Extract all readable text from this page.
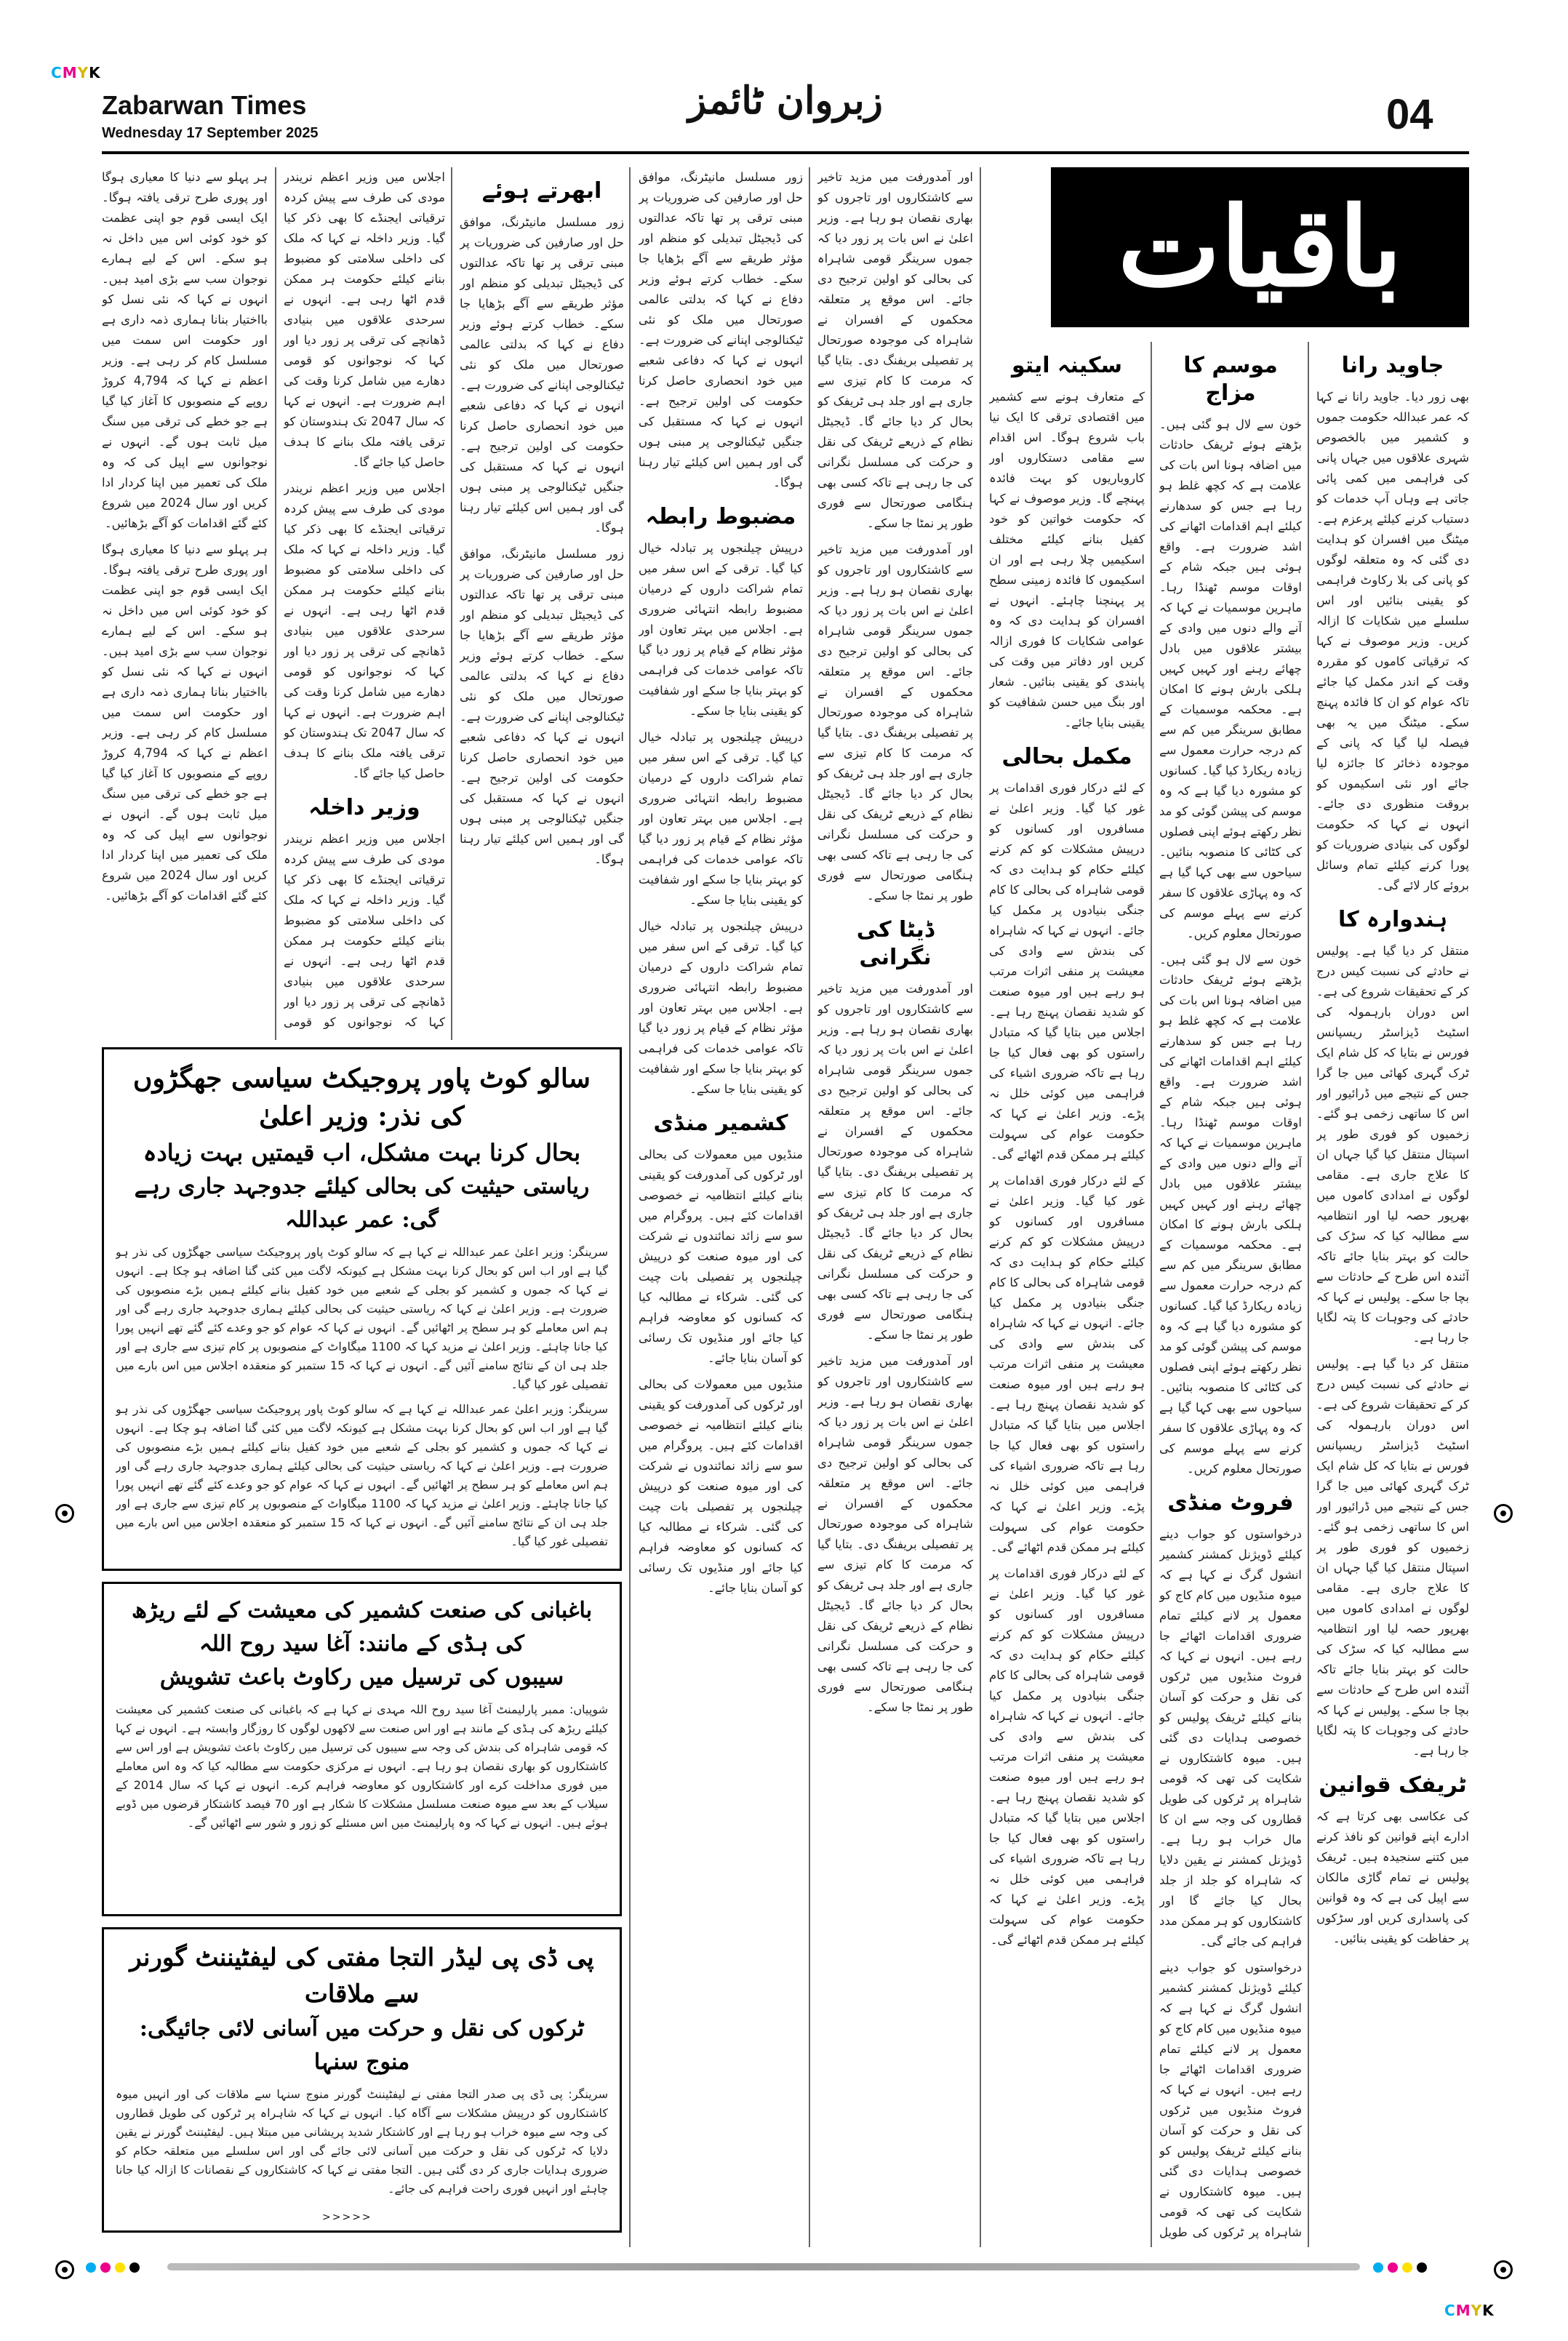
CMYK
CMYK
Zabarwan Times
Wednesday 17 September 2025
زبروان ٹائمز	04
باقیات
جاوید رانا

بھی زور دیا۔ جاوید رانا نے کہا کہ عمر عبداللہ حکومت جموں و کشمیر میں بالخصوص شہری علاقوں میں جہاں پانی کی فراہمی میں کمی پائی جاتی ہے وہاں آپ خدمات کو دستیاب کرنے کیلئے پرعزم ہے۔ میٹنگ میں افسران کو ہدایت دی گئی کہ وہ متعلقہ لوگوں کو پانی کی بلا رکاوٹ فراہمی کو یقینی بنائیں اور اس سلسلے میں شکایات کا ازالہ کریں۔ وزیر موصوف نے کہا کہ ترقیاتی کاموں کو مقررہ وقت کے اندر مکمل کیا جائے تاکہ عوام کو ان کا فائدہ پہنچ سکے۔ میٹنگ میں یہ بھی فیصلہ لیا گیا کہ پانی کے موجودہ ذخائر کا جائزہ لیا جائے اور نئی اسکیموں کو بروقت منظوری دی جائے۔ انہوں نے کہا کہ حکومت لوگوں کی بنیادی ضروریات کو پورا کرنے کیلئے تمام وسائل بروئے کار لائے گی۔

ہندوارہ کا

منتقل کر دیا گیا ہے۔ پولیس نے حادثے کی نسبت کیس درج کر کے تحقیقات شروع کی ہے۔ اس دوران بارہمولہ کی اسٹیٹ ڈیزاسٹر ریسپانس فورس نے بتایا کہ کل شام ایک ٹرک گہری کھائی میں جا گرا جس کے نتیجے میں ڈرائیور اور اس کا ساتھی زخمی ہو گئے۔ زخمیوں کو فوری طور پر اسپتال منتقل کیا گیا جہاں ان کا علاج جاری ہے۔ مقامی لوگوں نے امدادی کاموں میں بھرپور حصہ لیا اور انتظامیہ سے مطالبہ کیا کہ سڑک کی حالت کو بہتر بنایا جائے تاکہ آئندہ اس طرح کے حادثات سے بچا جا سکے۔ پولیس نے کہا کہ حادثے کی وجوہات کا پتہ لگایا جا رہا ہے۔

منتقل کر دیا گیا ہے۔ پولیس نے حادثے کی نسبت کیس درج کر کے تحقیقات شروع کی ہے۔ اس دوران بارہمولہ کی اسٹیٹ ڈیزاسٹر ریسپانس فورس نے بتایا کہ کل شام ایک ٹرک گہری کھائی میں جا گرا جس کے نتیجے میں ڈرائیور اور اس کا ساتھی زخمی ہو گئے۔ زخمیوں کو فوری طور پر اسپتال منتقل کیا گیا جہاں ان کا علاج جاری ہے۔ مقامی لوگوں نے امدادی کاموں میں بھرپور حصہ لیا اور انتظامیہ سے مطالبہ کیا کہ سڑک کی حالت کو بہتر بنایا جائے تاکہ آئندہ اس طرح کے حادثات سے بچا جا سکے۔ پولیس نے کہا کہ حادثے کی وجوہات کا پتہ لگایا جا رہا ہے۔

ٹریفک قوانین

کی عکاسی بھی کرتا ہے کہ ادارے اپنے قوانین کو نافذ کرنے میں کتنے سنجیدہ ہیں۔ ٹریفک پولیس نے تمام گاڑی مالکان سے اپیل کی ہے کہ وہ قوانین کی پاسداری کریں اور سڑکوں پر حفاظت کو یقینی بنائیں۔

موسم کا مزاج

خون سے لال ہو گئی ہیں۔ بڑھتے ہوئے ٹریفک حادثات میں اضافہ ہونا اس بات کی علامت ہے کہ کچھ غلط ہو رہا ہے جس کو سدھارنے کیلئے اہم اقدامات اٹھانے کی اشد ضرورت ہے۔ واقع ہوئی ہیں جبکہ شام کے اوقات موسم ٹھنڈا رہا۔ ماہرین موسمیات نے کہا کہ آنے والے دنوں میں وادی کے بیشتر علاقوں میں بادل چھائے رہنے اور کہیں کہیں ہلکی بارش ہونے کا امکان ہے۔ محکمہ موسمیات کے مطابق سرینگر میں کم سے کم درجہ حرارت معمول سے زیادہ ریکارڈ کیا گیا۔ کسانوں کو مشورہ دیا گیا ہے کہ وہ موسم کی پیشن گوئی کو مد نظر رکھتے ہوئے اپنی فصلوں کی کٹائی کا منصوبہ بنائیں۔ سیاحوں سے بھی کہا گیا ہے کہ وہ پہاڑی علاقوں کا سفر کرنے سے پہلے موسم کی صورتحال معلوم کریں۔

خون سے لال ہو گئی ہیں۔ بڑھتے ہوئے ٹریفک حادثات میں اضافہ ہونا اس بات کی علامت ہے کہ کچھ غلط ہو رہا ہے جس کو سدھارنے کیلئے اہم اقدامات اٹھانے کی اشد ضرورت ہے۔ واقع ہوئی ہیں جبکہ شام کے اوقات موسم ٹھنڈا رہا۔ ماہرین موسمیات نے کہا کہ آنے والے دنوں میں وادی کے بیشتر علاقوں میں بادل چھائے رہنے اور کہیں کہیں ہلکی بارش ہونے کا امکان ہے۔ محکمہ موسمیات کے مطابق سرینگر میں کم سے کم درجہ حرارت معمول سے زیادہ ریکارڈ کیا گیا۔ کسانوں کو مشورہ دیا گیا ہے کہ وہ موسم کی پیشن گوئی کو مد نظر رکھتے ہوئے اپنی فصلوں کی کٹائی کا منصوبہ بنائیں۔ سیاحوں سے بھی کہا گیا ہے کہ وہ پہاڑی علاقوں کا سفر کرنے سے پہلے موسم کی صورتحال معلوم کریں۔

فروٹ منڈی

درخواستوں کو جواب دینے کیلئے ڈویژنل کمشنر کشمیر انشول گرگ نے کہا ہے کہ میوہ منڈیوں میں کام کاج کو معمول پر لانے کیلئے تمام ضروری اقدامات اٹھائے جا رہے ہیں۔ انہوں نے کہا کہ فروٹ منڈیوں میں ٹرکوں کی نقل و حرکت کو آسان بنانے کیلئے ٹریفک پولیس کو خصوصی ہدایات دی گئی ہیں۔ میوہ کاشتکاروں نے شکایت کی تھی کہ قومی شاہراہ پر ٹرکوں کی طویل قطاروں کی وجہ سے ان کا مال خراب ہو رہا ہے۔ ڈویژنل کمشنر نے یقین دلایا کہ شاہراہ کو جلد از جلد بحال کیا جائے گا اور کاشتکاروں کو ہر ممکن مدد فراہم کی جائے گی۔

درخواستوں کو جواب دینے کیلئے ڈویژنل کمشنر کشمیر انشول گرگ نے کہا ہے کہ میوہ منڈیوں میں کام کاج کو معمول پر لانے کیلئے تمام ضروری اقدامات اٹھائے جا رہے ہیں۔ انہوں نے کہا کہ فروٹ منڈیوں میں ٹرکوں کی نقل و حرکت کو آسان بنانے کیلئے ٹریفک پولیس کو خصوصی ہدایات دی گئی ہیں۔ میوہ کاشتکاروں نے شکایت کی تھی کہ قومی شاہراہ پر ٹرکوں کی طویل

سکینہ ایتو

کے متعارف ہونے سے کشمیر میں اقتصادی ترقی کا ایک نیا باب شروع ہوگا۔ اس اقدام سے مقامی دستکاروں اور کاروباریوں کو بہت فائدہ پہنچے گا۔ وزیر موصوف نے کہا کہ حکومت خواتین کو خود کفیل بنانے کیلئے مختلف اسکیمیں چلا رہی ہے اور ان اسکیموں کا فائدہ زمینی سطح پر پہنچنا چاہئے۔ انہوں نے افسران کو ہدایت دی کہ وہ عوامی شکایات کا فوری ازالہ کریں اور دفاتر میں وقت کی پابندی کو یقینی بنائیں۔ شعار اور بنگ میں حسن شفافیت کو یقینی بنایا جائے۔

مکمل بحالی

کے لئے درکار فوری اقدامات پر غور کیا گیا۔ وزیر اعلیٰ نے مسافروں اور کسانوں کو درپیش مشکلات کو کم کرنے کیلئے حکام کو ہدایت دی کہ قومی شاہراہ کی بحالی کا کام جنگی بنیادوں پر مکمل کیا جائے۔ انہوں نے کہا کہ شاہراہ کی بندش سے وادی کی معیشت پر منفی اثرات مرتب ہو رہے ہیں اور میوہ صنعت کو شدید نقصان پہنچ رہا ہے۔ اجلاس میں بتایا گیا کہ متبادل راستوں کو بھی فعال کیا جا رہا ہے تاکہ ضروری اشیاء کی فراہمی میں کوئی خلل نہ پڑے۔ وزیر اعلیٰ نے کہا کہ حکومت عوام کی سہولت کیلئے ہر ممکن قدم اٹھائے گی۔

کے لئے درکار فوری اقدامات پر غور کیا گیا۔ وزیر اعلیٰ نے مسافروں اور کسانوں کو درپیش مشکلات کو کم کرنے کیلئے حکام کو ہدایت دی کہ قومی شاہراہ کی بحالی کا کام جنگی بنیادوں پر مکمل کیا جائے۔ انہوں نے کہا کہ شاہراہ کی بندش سے وادی کی معیشت پر منفی اثرات مرتب ہو رہے ہیں اور میوہ صنعت کو شدید نقصان پہنچ رہا ہے۔ اجلاس میں بتایا گیا کہ متبادل راستوں کو بھی فعال کیا جا رہا ہے تاکہ ضروری اشیاء کی فراہمی میں کوئی خلل نہ پڑے۔ وزیر اعلیٰ نے کہا کہ حکومت عوام کی سہولت کیلئے ہر ممکن قدم اٹھائے گی۔

کے لئے درکار فوری اقدامات پر غور کیا گیا۔ وزیر اعلیٰ نے مسافروں اور کسانوں کو درپیش مشکلات کو کم کرنے کیلئے حکام کو ہدایت دی کہ قومی شاہراہ کی بحالی کا کام جنگی بنیادوں پر مکمل کیا جائے۔ انہوں نے کہا کہ شاہراہ کی بندش سے وادی کی معیشت پر منفی اثرات مرتب ہو رہے ہیں اور میوہ صنعت کو شدید نقصان پہنچ رہا ہے۔ اجلاس میں بتایا گیا کہ متبادل راستوں کو بھی فعال کیا جا رہا ہے تاکہ ضروری اشیاء کی فراہمی میں کوئی خلل نہ پڑے۔ وزیر اعلیٰ نے کہا کہ حکومت عوام کی سہولت کیلئے ہر ممکن قدم اٹھائے گی۔

اور آمدورفت میں مزید تاخیر سے کاشتکاروں اور تاجروں کو بھاری نقصان ہو رہا ہے۔ وزیر اعلیٰ نے اس بات پر زور دیا کہ جموں سرینگر قومی شاہراہ کی بحالی کو اولین ترجیح دی جائے۔ اس موقع پر متعلقہ محکموں کے افسران نے شاہراہ کی موجودہ صورتحال پر تفصیلی بریفنگ دی۔ بتایا گیا کہ مرمت کا کام تیزی سے جاری ہے اور جلد ہی ٹریفک کو بحال کر دیا جائے گا۔ ڈیجیٹل نظام کے ذریعے ٹریفک کی نقل و حرکت کی مسلسل نگرانی کی جا رہی ہے تاکہ کسی بھی ہنگامی صورتحال سے فوری طور پر نمٹا جا سکے۔

اور آمدورفت میں مزید تاخیر سے کاشتکاروں اور تاجروں کو بھاری نقصان ہو رہا ہے۔ وزیر اعلیٰ نے اس بات پر زور دیا کہ جموں سرینگر قومی شاہراہ کی بحالی کو اولین ترجیح دی جائے۔ اس موقع پر متعلقہ محکموں کے افسران نے شاہراہ کی موجودہ صورتحال پر تفصیلی بریفنگ دی۔ بتایا گیا کہ مرمت کا کام تیزی سے جاری ہے اور جلد ہی ٹریفک کو بحال کر دیا جائے گا۔ ڈیجیٹل نظام کے ذریعے ٹریفک کی نقل و حرکت کی مسلسل نگرانی کی جا رہی ہے تاکہ کسی بھی ہنگامی صورتحال سے فوری طور پر نمٹا جا سکے۔

ڈیٹا کی نگرانی

اور آمدورفت میں مزید تاخیر سے کاشتکاروں اور تاجروں کو بھاری نقصان ہو رہا ہے۔ وزیر اعلیٰ نے اس بات پر زور دیا کہ جموں سرینگر قومی شاہراہ کی بحالی کو اولین ترجیح دی جائے۔ اس موقع پر متعلقہ محکموں کے افسران نے شاہراہ کی موجودہ صورتحال پر تفصیلی بریفنگ دی۔ بتایا گیا کہ مرمت کا کام تیزی سے جاری ہے اور جلد ہی ٹریفک کو بحال کر دیا جائے گا۔ ڈیجیٹل نظام کے ذریعے ٹریفک کی نقل و حرکت کی مسلسل نگرانی کی جا رہی ہے تاکہ کسی بھی ہنگامی صورتحال سے فوری طور پر نمٹا جا سکے۔

اور آمدورفت میں مزید تاخیر سے کاشتکاروں اور تاجروں کو بھاری نقصان ہو رہا ہے۔ وزیر اعلیٰ نے اس بات پر زور دیا کہ جموں سرینگر قومی شاہراہ کی بحالی کو اولین ترجیح دی جائے۔ اس موقع پر متعلقہ محکموں کے افسران نے شاہراہ کی موجودہ صورتحال پر تفصیلی بریفنگ دی۔ بتایا گیا کہ مرمت کا کام تیزی سے جاری ہے اور جلد ہی ٹریفک کو بحال کر دیا جائے گا۔ ڈیجیٹل نظام کے ذریعے ٹریفک کی نقل و حرکت کی مسلسل نگرانی کی جا رہی ہے تاکہ کسی بھی ہنگامی صورتحال سے فوری طور پر نمٹا جا سکے۔

زور مسلسل مانیٹرنگ، موافق حل اور صارفین کی ضروریات پر مبنی ترقی پر تھا تاکہ عدالتوں کی ڈیجیٹل تبدیلی کو منظم اور مؤثر طریقے سے آگے بڑھایا جا سکے۔ خطاب کرتے ہوئے وزیر دفاع نے کہا کہ بدلتی عالمی صورتحال میں ملک کو نئی ٹیکنالوجی اپنانے کی ضرورت ہے۔ انہوں نے کہا کہ دفاعی شعبے میں خود انحصاری حاصل کرنا حکومت کی اولین ترجیح ہے۔ انہوں نے کہا کہ مستقبل کی جنگیں ٹیکنالوجی پر مبنی ہوں گی اور ہمیں اس کیلئے تیار رہنا ہوگا۔

مضبوط رابطہ

درپیش چیلنجوں پر تبادلہ خیال کیا گیا۔ ترقی کے اس سفر میں تمام شراکت داروں کے درمیان مضبوط رابطہ انتہائی ضروری ہے۔ اجلاس میں بہتر تعاون اور مؤثر نظام کے قیام پر زور دیا گیا تاکہ عوامی خدمات کی فراہمی کو بہتر بنایا جا سکے اور شفافیت کو یقینی بنایا جا سکے۔

درپیش چیلنجوں پر تبادلہ خیال کیا گیا۔ ترقی کے اس سفر میں تمام شراکت داروں کے درمیان مضبوط رابطہ انتہائی ضروری ہے۔ اجلاس میں بہتر تعاون اور مؤثر نظام کے قیام پر زور دیا گیا تاکہ عوامی خدمات کی فراہمی کو بہتر بنایا جا سکے اور شفافیت کو یقینی بنایا جا سکے۔

درپیش چیلنجوں پر تبادلہ خیال کیا گیا۔ ترقی کے اس سفر میں تمام شراکت داروں کے درمیان مضبوط رابطہ انتہائی ضروری ہے۔ اجلاس میں بہتر تعاون اور مؤثر نظام کے قیام پر زور دیا گیا تاکہ عوامی خدمات کی فراہمی کو بہتر بنایا جا سکے اور شفافیت کو یقینی بنایا جا سکے۔

کشمیر منڈی

منڈیوں میں معمولات کی بحالی اور ٹرکوں کی آمدورفت کو یقینی بنانے کیلئے انتظامیہ نے خصوصی اقدامات کئے ہیں۔ پروگرام میں سو سے زائد نمائندوں نے شرکت کی اور میوہ صنعت کو درپیش چیلنجوں پر تفصیلی بات چیت کی گئی۔ شرکاء نے مطالبہ کیا کہ کسانوں کو معاوضہ فراہم کیا جائے اور منڈیوں تک رسائی کو آسان بنایا جائے۔

منڈیوں میں معمولات کی بحالی اور ٹرکوں کی آمدورفت کو یقینی بنانے کیلئے انتظامیہ نے خصوصی اقدامات کئے ہیں۔ پروگرام میں سو سے زائد نمائندوں نے شرکت کی اور میوہ صنعت کو درپیش چیلنجوں پر تفصیلی بات چیت کی گئی۔ شرکاء نے مطالبہ کیا کہ کسانوں کو معاوضہ فراہم کیا جائے اور منڈیوں تک رسائی کو آسان بنایا جائے۔

ابھرتے ہوئے

زور مسلسل مانیٹرنگ، موافق حل اور صارفین کی ضروریات پر مبنی ترقی پر تھا تاکہ عدالتوں کی ڈیجیٹل تبدیلی کو منظم اور مؤثر طریقے سے آگے بڑھایا جا سکے۔ خطاب کرتے ہوئے وزیر دفاع نے کہا کہ بدلتی عالمی صورتحال میں ملک کو نئی ٹیکنالوجی اپنانے کی ضرورت ہے۔ انہوں نے کہا کہ دفاعی شعبے میں خود انحصاری حاصل کرنا حکومت کی اولین ترجیح ہے۔ انہوں نے کہا کہ مستقبل کی جنگیں ٹیکنالوجی پر مبنی ہوں گی اور ہمیں اس کیلئے تیار رہنا ہوگا۔

زور مسلسل مانیٹرنگ، موافق حل اور صارفین کی ضروریات پر مبنی ترقی پر تھا تاکہ عدالتوں کی ڈیجیٹل تبدیلی کو منظم اور مؤثر طریقے سے آگے بڑھایا جا سکے۔ خطاب کرتے ہوئے وزیر دفاع نے کہا کہ بدلتی عالمی صورتحال میں ملک کو نئی ٹیکنالوجی اپنانے کی ضرورت ہے۔ انہوں نے کہا کہ دفاعی شعبے میں خود انحصاری حاصل کرنا حکومت کی اولین ترجیح ہے۔ انہوں نے کہا کہ مستقبل کی جنگیں ٹیکنالوجی پر مبنی ہوں گی اور ہمیں اس کیلئے تیار رہنا ہوگا۔

اجلاس میں وزیر اعظم نریندر مودی کی طرف سے پیش کردہ ترقیاتی ایجنڈے کا بھی ذکر کیا گیا۔ وزیر داخلہ نے کہا کہ ملک کی داخلی سلامتی کو مضبوط بنانے کیلئے حکومت ہر ممکن قدم اٹھا رہی ہے۔ انہوں نے سرحدی علاقوں میں بنیادی ڈھانچے کی ترقی پر زور دیا اور کہا کہ نوجوانوں کو قومی دھارے میں شامل کرنا وقت کی اہم ضرورت ہے۔ انہوں نے کہا کہ سال 2047 تک ہندوستان کو ترقی یافتہ ملک بنانے کا ہدف حاصل کیا جائے گا۔

اجلاس میں وزیر اعظم نریندر مودی کی طرف سے پیش کردہ ترقیاتی ایجنڈے کا بھی ذکر کیا گیا۔ وزیر داخلہ نے کہا کہ ملک کی داخلی سلامتی کو مضبوط بنانے کیلئے حکومت ہر ممکن قدم اٹھا رہی ہے۔ انہوں نے سرحدی علاقوں میں بنیادی ڈھانچے کی ترقی پر زور دیا اور کہا کہ نوجوانوں کو قومی دھارے میں شامل کرنا وقت کی اہم ضرورت ہے۔ انہوں نے کہا کہ سال 2047 تک ہندوستان کو ترقی یافتہ ملک بنانے کا ہدف حاصل کیا جائے گا۔

وزیر داخلہ

اجلاس میں وزیر اعظم نریندر مودی کی طرف سے پیش کردہ ترقیاتی ایجنڈے کا بھی ذکر کیا گیا۔ وزیر داخلہ نے کہا کہ ملک کی داخلی سلامتی کو مضبوط بنانے کیلئے حکومت ہر ممکن قدم اٹھا رہی ہے۔ انہوں نے سرحدی علاقوں میں بنیادی ڈھانچے کی ترقی پر زور دیا اور کہا کہ نوجوانوں کو قومی

ہر پہلو سے دنیا کا معیاری ہوگا اور پوری طرح ترقی یافتہ ہوگا۔ ایک ایسی قوم جو اپنی عظمت کو خود کوئی اس میں داخل نہ ہو سکے۔ اس کے لیے ہمارے نوجوان سب سے بڑی امید ہیں۔ انہوں نے کہا کہ نئی نسل کو بااختیار بنانا ہماری ذمہ داری ہے اور حکومت اس سمت میں مسلسل کام کر رہی ہے۔ وزیر اعظم نے کہا کہ 4,794 کروڑ روپے کے منصوبوں کا آغاز کیا گیا ہے جو خطے کی ترقی میں سنگ میل ثابت ہوں گے۔ انہوں نے نوجوانوں سے اپیل کی کہ وہ ملک کی تعمیر میں اپنا کردار ادا کریں اور سال 2024 میں شروع کئے گئے اقدامات کو آگے بڑھائیں۔

ہر پہلو سے دنیا کا معیاری ہوگا اور پوری طرح ترقی یافتہ ہوگا۔ ایک ایسی قوم جو اپنی عظمت کو خود کوئی اس میں داخل نہ ہو سکے۔ اس کے لیے ہمارے نوجوان سب سے بڑی امید ہیں۔ انہوں نے کہا کہ نئی نسل کو بااختیار بنانا ہماری ذمہ داری ہے اور حکومت اس سمت میں مسلسل کام کر رہی ہے۔ وزیر اعظم نے کہا کہ 4,794 کروڑ روپے کے منصوبوں کا آغاز کیا گیا ہے جو خطے کی ترقی میں سنگ میل ثابت ہوں گے۔ انہوں نے نوجوانوں سے اپیل کی کہ وہ ملک کی تعمیر میں اپنا کردار ادا کریں اور سال 2024 میں شروع کئے گئے اقدامات کو آگے بڑھائیں۔

سالو کوٹ پاور پروجیکٹ سیاسی جھگڑوں کی نذر: وزیر اعلیٰ
بحال کرنا بہت مشکل، اب قیمتیں بہت زیادہ
ریاستی حیثیت کی بحالی کیلئے جدوجہد جاری رہے گی: عمر عبداللہ

سرینگر: وزیر اعلیٰ عمر عبداللہ نے کہا ہے کہ سالو کوٹ پاور پروجیکٹ سیاسی جھگڑوں کی نذر ہو گیا ہے اور اب اس کو بحال کرنا بہت مشکل ہے کیونکہ لاگت میں کئی گنا اضافہ ہو چکا ہے۔ انہوں نے کہا کہ جموں و کشمیر کو بجلی کے شعبے میں خود کفیل بنانے کیلئے ہمیں بڑے منصوبوں کی ضرورت ہے۔ وزیر اعلیٰ نے کہا کہ ریاستی حیثیت کی بحالی کیلئے ہماری جدوجہد جاری رہے گی اور ہم اس معاملے کو ہر سطح پر اٹھائیں گے۔ انہوں نے کہا کہ عوام کو جو وعدے کئے گئے تھے انہیں پورا کیا جانا چاہئے۔ وزیر اعلیٰ نے مزید کہا کہ 1100 میگاواٹ کے منصوبوں پر کام تیزی سے جاری ہے اور جلد ہی ان کے نتائج سامنے آئیں گے۔ انہوں نے کہا کہ 15 ستمبر کو منعقدہ اجلاس میں اس بارے میں تفصیلی غور کیا گیا۔

سرینگر: وزیر اعلیٰ عمر عبداللہ نے کہا ہے کہ سالو کوٹ پاور پروجیکٹ سیاسی جھگڑوں کی نذر ہو گیا ہے اور اب اس کو بحال کرنا بہت مشکل ہے کیونکہ لاگت میں کئی گنا اضافہ ہو چکا ہے۔ انہوں نے کہا کہ جموں و کشمیر کو بجلی کے شعبے میں خود کفیل بنانے کیلئے ہمیں بڑے منصوبوں کی ضرورت ہے۔ وزیر اعلیٰ نے کہا کہ ریاستی حیثیت کی بحالی کیلئے ہماری جدوجہد جاری رہے گی اور ہم اس معاملے کو ہر سطح پر اٹھائیں گے۔ انہوں نے کہا کہ عوام کو جو وعدے کئے گئے تھے انہیں پورا کیا جانا چاہئے۔ وزیر اعلیٰ نے مزید کہا کہ 1100 میگاواٹ کے منصوبوں پر کام تیزی سے جاری ہے اور جلد ہی ان کے نتائج سامنے آئیں گے۔ انہوں نے کہا کہ 15 ستمبر کو منعقدہ اجلاس میں اس بارے میں تفصیلی غور کیا گیا۔

باغبانی کی صنعت کشمیر کی معیشت کے لئے ریڑھ کی ہڈی کے مانند: آغا سید روح اللہ
سیبوں کی ترسیل میں رکاوٹ باعث تشویش

شوپیاں: ممبر پارلیمنٹ آغا سید روح اللہ مہدی نے کہا ہے کہ باغبانی کی صنعت کشمیر کی معیشت کیلئے ریڑھ کی ہڈی کے مانند ہے اور اس صنعت سے لاکھوں لوگوں کا روزگار وابستہ ہے۔ انہوں نے کہا کہ قومی شاہراہ کی بندش کی وجہ سے سیبوں کی ترسیل میں رکاوٹ باعث تشویش ہے اور اس سے کاشتکاروں کو بھاری نقصان ہو رہا ہے۔ انہوں نے مرکزی حکومت سے مطالبہ کیا کہ وہ اس معاملے میں فوری مداخلت کرے اور کاشتکاروں کو معاوضہ فراہم کرے۔ انہوں نے کہا کہ سال 2014 کے سیلاب کے بعد سے میوہ صنعت مسلسل مشکلات کا شکار ہے اور 70 فیصد کاشتکار قرضوں میں ڈوبے ہوئے ہیں۔ انہوں نے کہا کہ وہ پارلیمنٹ میں اس مسئلے کو زور و شور سے اٹھائیں گے۔

پی ڈی پی لیڈر التجا مفتی کی لیفٹیننٹ گورنر سے ملاقات
ٹرکوں کی نقل و حرکت میں آسانی لائی جائیگی: منوج سنہا

سرینگر: پی ڈی پی صدر التجا مفتی نے لیفٹیننٹ گورنر منوج سنہا سے ملاقات کی اور انہیں میوہ کاشتکاروں کو درپیش مشکلات سے آگاہ کیا۔ انہوں نے کہا کہ شاہراہ پر ٹرکوں کی طویل قطاروں کی وجہ سے میوہ خراب ہو رہا ہے اور کاشتکار شدید پریشانی میں مبتلا ہیں۔ لیفٹیننٹ گورنر نے یقین دلایا کہ ٹرکوں کی نقل و حرکت میں آسانی لائی جائے گی اور اس سلسلے میں متعلقہ حکام کو ضروری ہدایات جاری کر دی گئی ہیں۔ التجا مفتی نے کہا کہ کاشتکاروں کے نقصانات کا ازالہ کیا جانا چاہئے اور انہیں فوری راحت فراہم کی جائے۔

>>>>>
